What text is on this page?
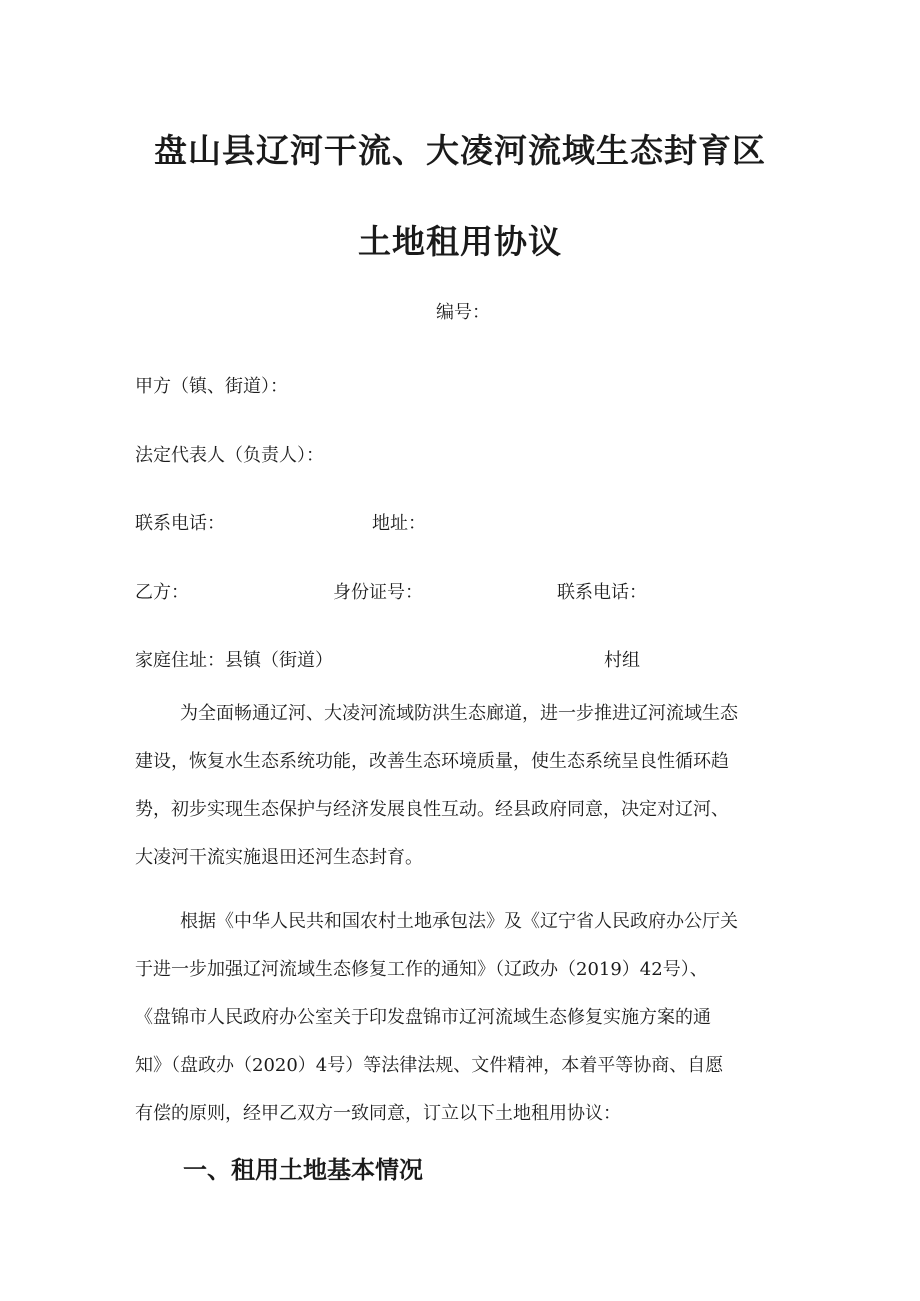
盘山县辽河干流、大凌河流域生态封育区
土地租用协议
编号：
甲方（镇、街道）：
法定代表人（负责人）：
联系电话：	地址：
乙方：	身份证号：	联系电话：
家庭住址：县镇（街道）	村组
为全面畅通辽河、大凌河流域防洪生态廊道，进一步推进辽河流域生态
建设，恢复水生态系统功能，改善生态环境质量，使生态系统呈良性循环趋
势，初步实现生态保护与经济发展良性互动。经县政府同意，决定对辽河、
大凌河干流实施退田还河生态封育。
根据《中华人民共和国农村土地承包法》及《辽宁省人民政府办公厅关
于进一步加强辽河流域生态修复工作的通知》（辽政办（2019）42号）、
《盘锦市人民政府办公室关于印发盘锦市辽河流域生态修复实施方案的通
知》（盘政办（2020）4号）等法律法规、文件精神，本着平等协商、自愿
有偿的原则，经甲乙双方一致同意，订立以下土地租用协议：
一、租用土地基本情况
